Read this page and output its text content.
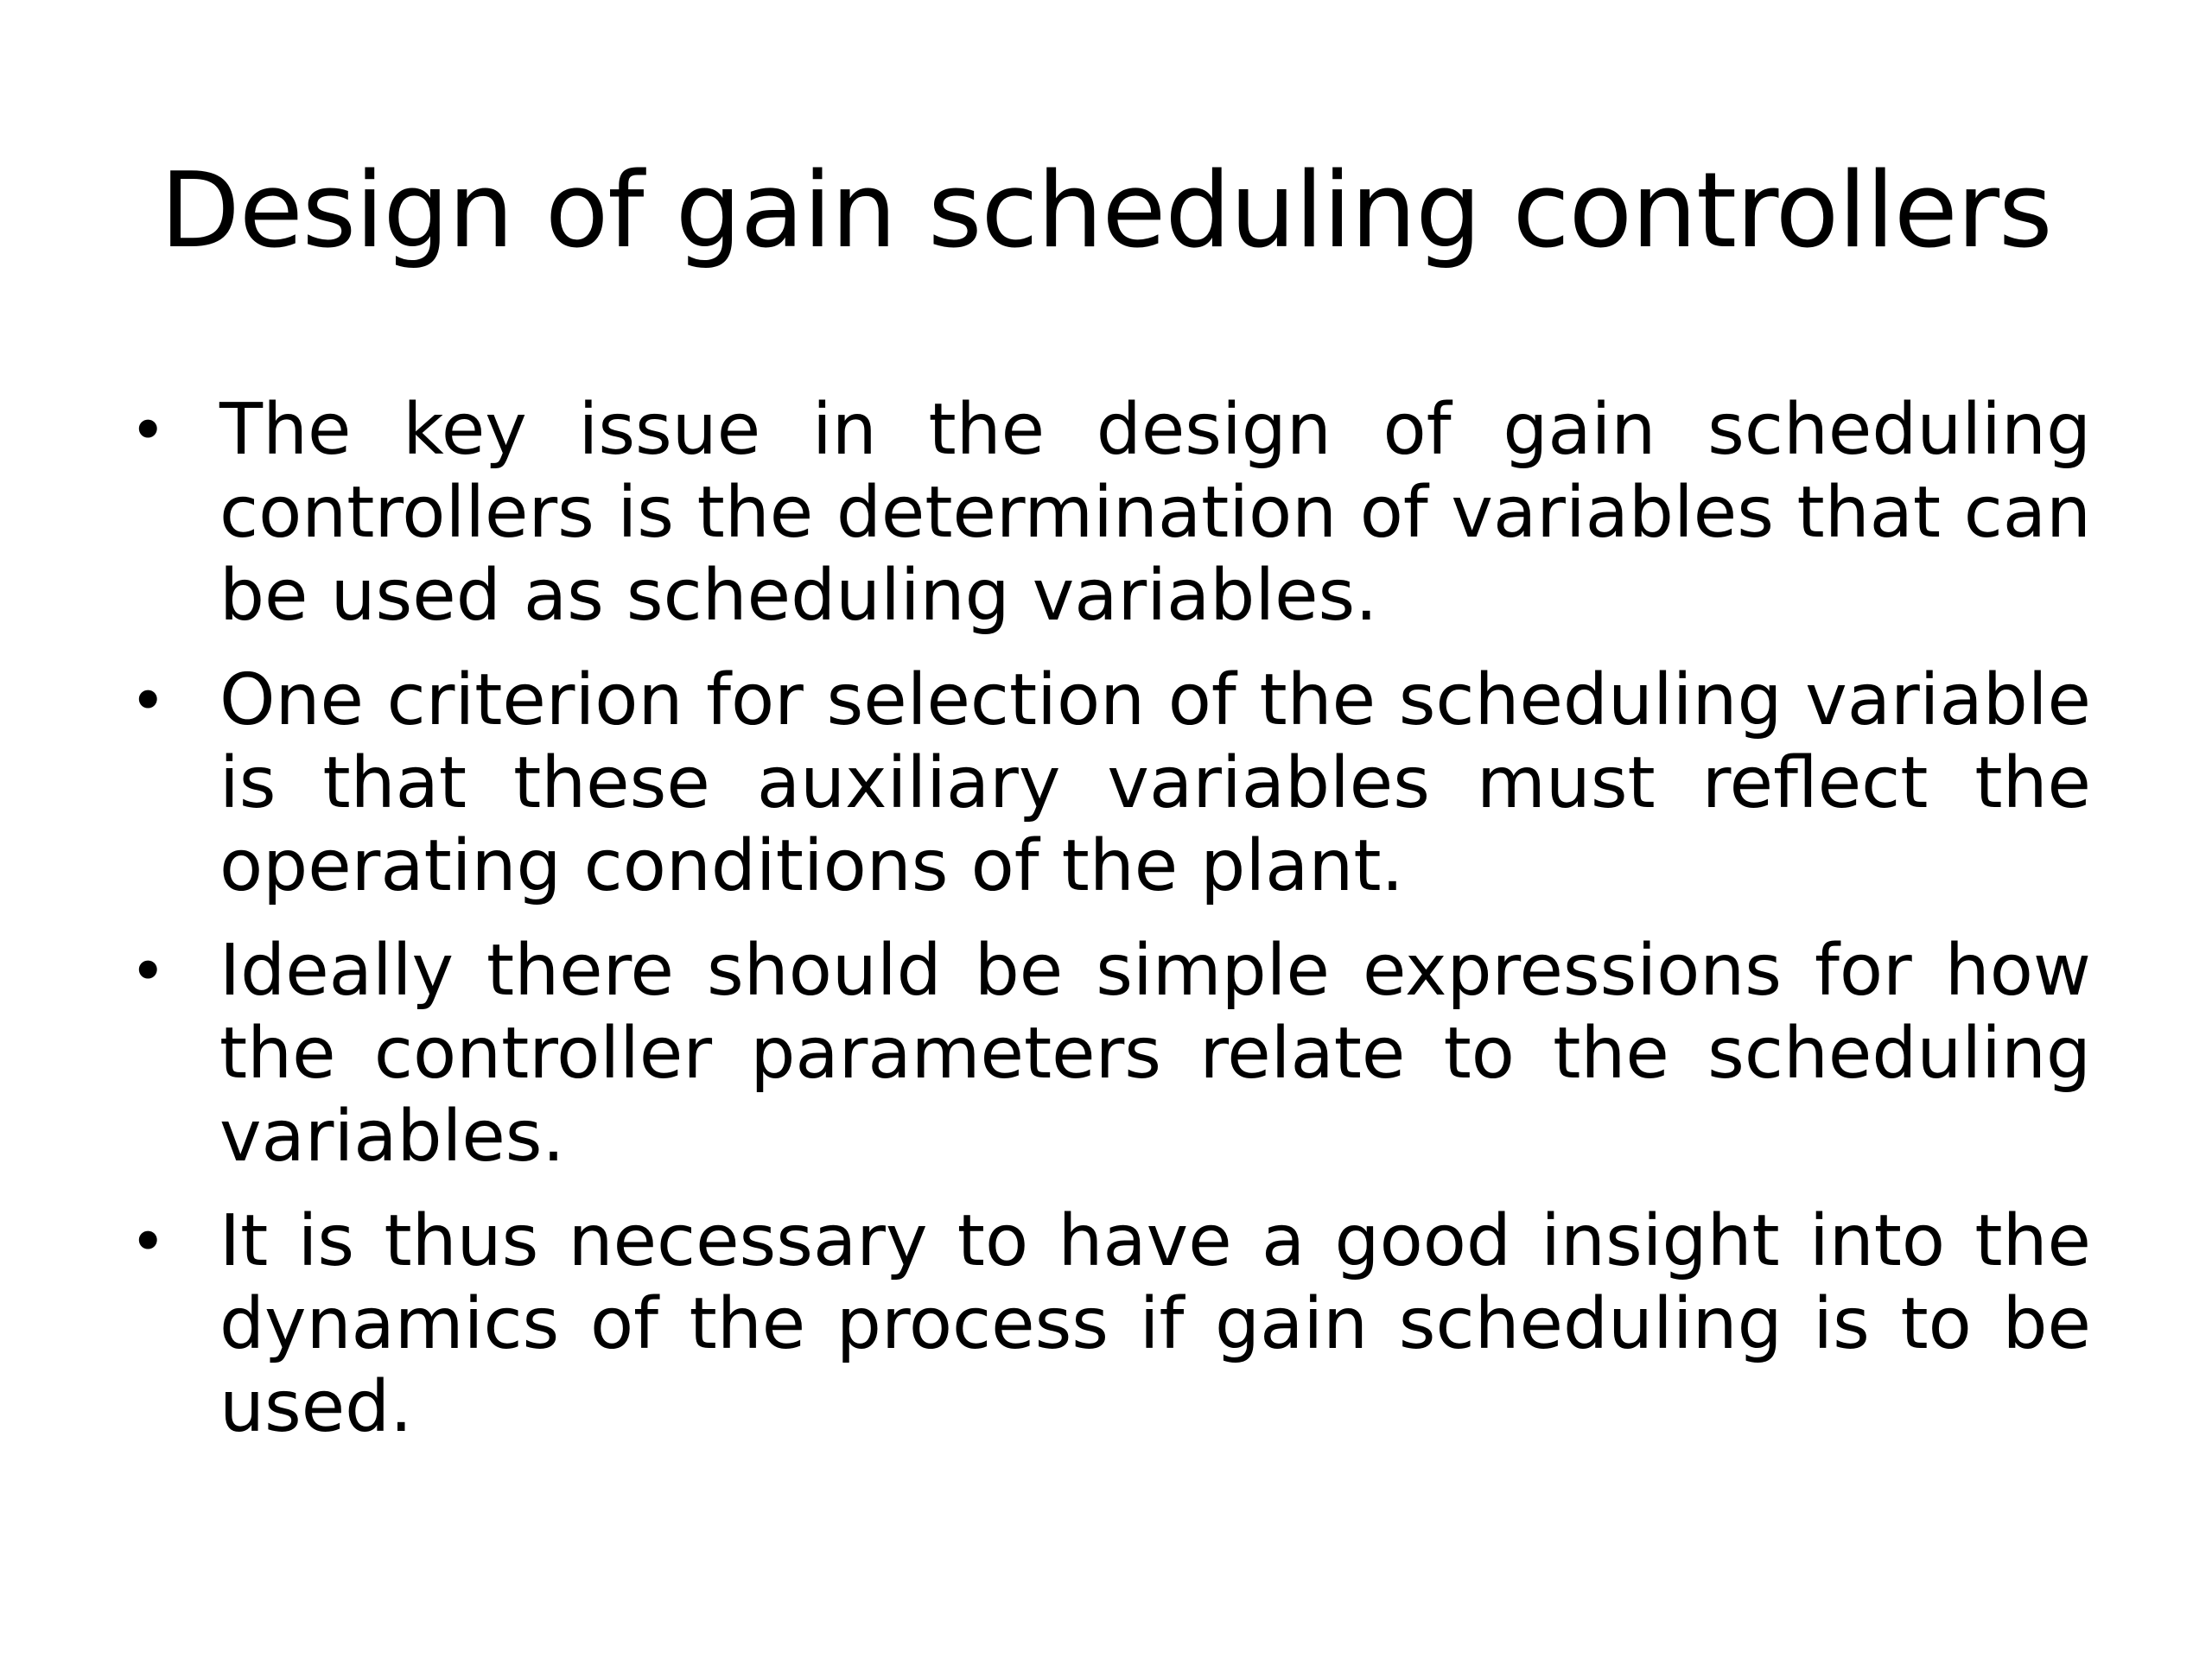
Design of gain scheduling controllers
• The key issue in the design of gain scheduling controllers is the determination of variables that can be used as scheduling variables.
• One criterion for selection of the scheduling variable is that these auxiliary variables must reflect the operating conditions of the plant.
• Ideally there should be simple expressions for how the controller parameters relate to the scheduling variables.
• It is thus necessary to have a good insight into the dynamics of the process if gain scheduling is to be used.
